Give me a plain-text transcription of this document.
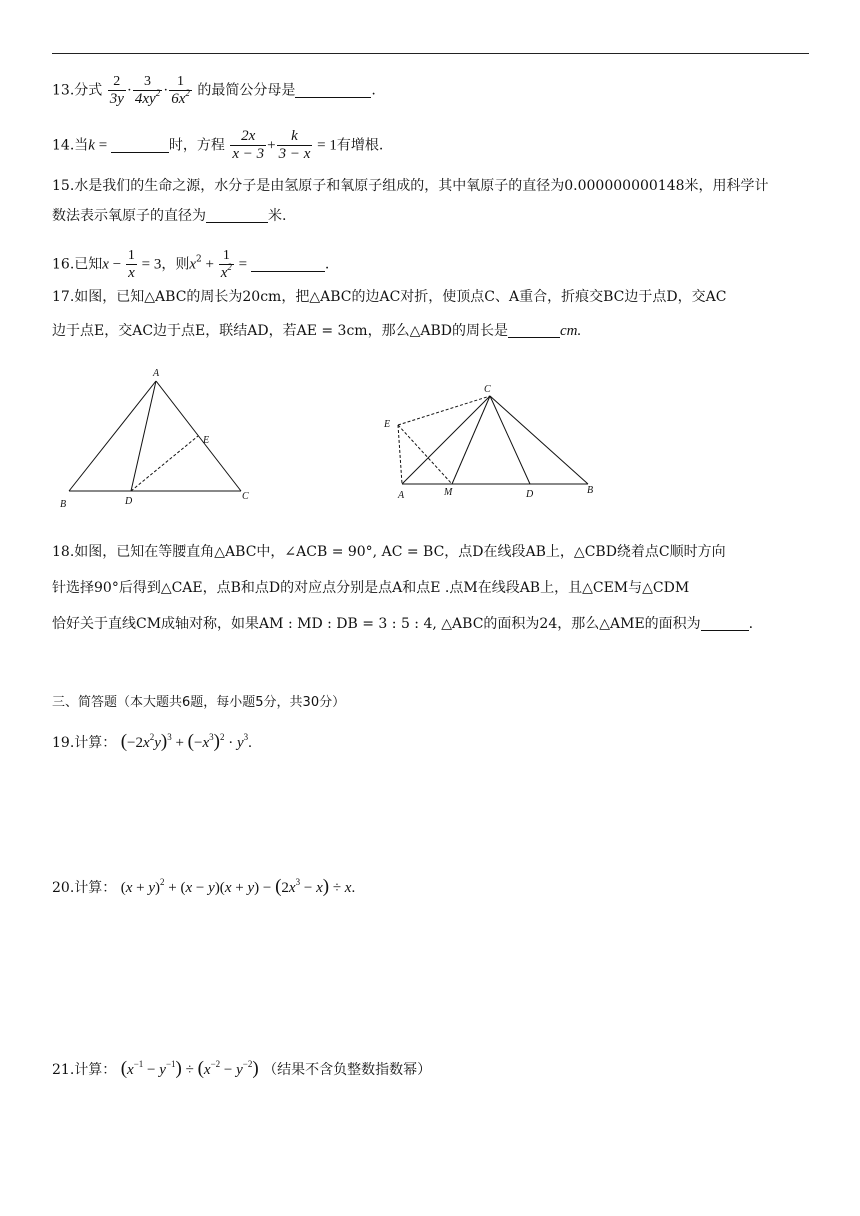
13.分式 $\frac{2}{3y} \cdot \frac{3}{4xy^2} \cdot \frac{1}{6x^2}$ 的最简公分母是	.
14.当k =	时，方程 $\frac{2x}{x - 3} + \frac{k}{3 - x} = 1$有增根.
15.水是我们的生命之源，水分子是由氢原子和氧原子组成的，其中氧原子的直径为0.000000000148米，用科学计
数法表示氧原子的直径为	米.
16.已知$x - \frac{1}{x} = 3$，则$x^2 + \frac{1}{x^2}$ =	.
17.如图，已知△ABC的周长为20cm，把△ABC的边AC对折，使顶点C、A重合，折痕交BC边于点D，交AC
边于点E，交AC边于点E，联结AD，若AE = 3cm，那么△ABD的周长是	cm.
A
B
C
D
E
C
E
A	M	D	B
18.如图，已知在等腰直角△ABC中，∠ACB = 90°, AC = BC，点D在线段AB上，△CBD绕着点C顺时方向
针选择90°后得到△CAE，点B和点D的对应点分别是点A和点E .点M在线段AB上，且△CEM与△CDM
恰好关于直线CM成轴对称，如果AM : MD : DB = 3 : 5 : 4, △ABC的面积为24，那么△AME的面积为	.
三、简答题（本大题共6题，每小题5分，共30分）
19.计算： $(-2x^2y)^3 + (-x^3)^2 \cdot y^3$.
20.计算： $(x + y)^2 + (x - y)(x + y) - (2x^3 - x) \div x$.
21.计算： $(x^{-1} - y^{-1}) \div (x^{-2} - y^{-2})$ （结果不含负整数指数幂）
